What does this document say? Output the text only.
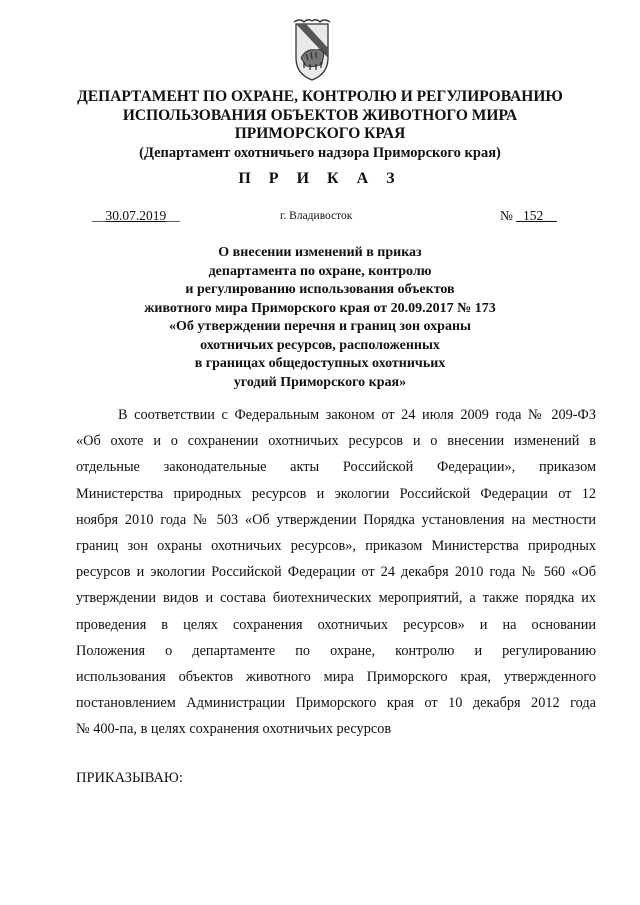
ДЕПАРТАМЕНТ ПО ОХРАНЕ, КОНТРОЛЮ И РЕГУЛИРОВАНИЮ
ИСПОЛЬЗОВАНИЯ ОБЪЕКТОВ ЖИВОТНОГО МИРА
ПРИМОРСКОГО КРАЯ
(Департамент охотничьего надзора Приморского края)
П Р И К А З
__30.07.2019__	г. Владивосток	№ _152__
О внесении изменений в приказ
департамента по охране, контролю
и регулированию использования объектов
животного мира Приморского края от 20.09.2017 № 173
«Об утверждении перечня и границ зон охраны
охотничьих ресурсов, расположенных
в границах общедоступных охотничьих
угодий Приморского края»
В соответствии с Федеральным законом от 24 июля 2009 года № 209-ФЗ
«Об охоте и о сохранении охотничьих ресурсов и о внесении изменений в
отдельные законодательные акты Российской Федерации», приказом
Министерства природных ресурсов и экологии Российской Федерации от 12
ноября 2010 года № 503 «Об утверждении Порядка установления на местности
границ зон охраны охотничьих ресурсов», приказом Министерства природных
ресурсов и экологии Российской Федерации от 24 декабря 2010 года № 560 «Об
утверждении видов и состава биотехнических мероприятий, а также порядка их
проведения в целях сохранения охотничьих ресурсов» и на основании
Положения о департаменте по охране, контролю и регулированию
использования объектов животного мира Приморского края, утвержденного
постановлением Администрации Приморского края от 10 декабря 2012 года
№ 400-па, в целях сохранения охотничьих ресурсов
ПРИКАЗЫВАЮ:
